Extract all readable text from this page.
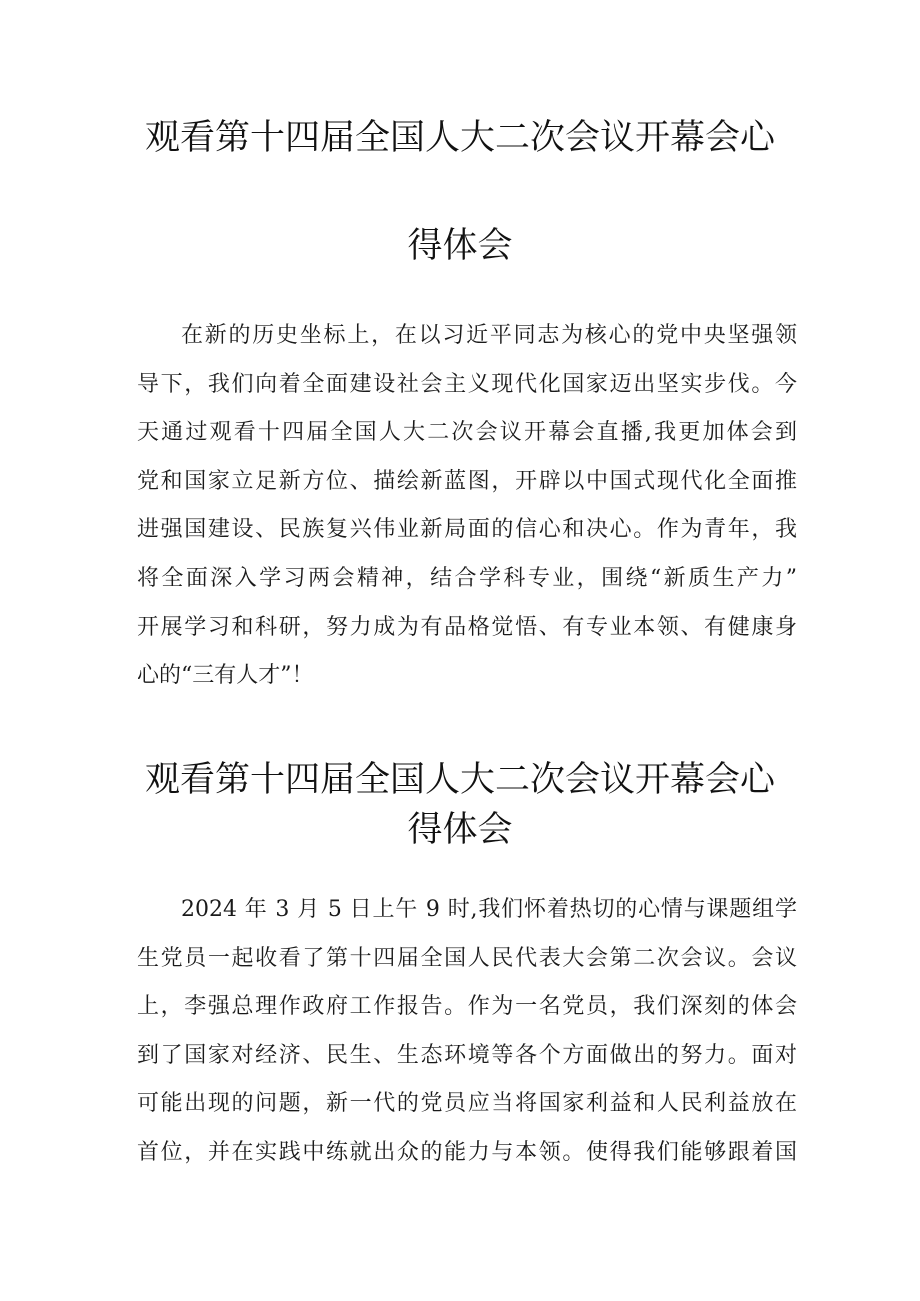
观看第十四届全国人大二次会议开幕会心
得体会
在新的历史坐标上，在以习近平同志为核心的党中央坚强领
导下，我们向着全面建设社会主义现代化国家迈出坚实步伐。今
天通过观看十四届全国人大二次会议开幕会直播,我更加体会到
党和国家立足新方位、描绘新蓝图，开辟以中国式现代化全面推
进强国建设、民族复兴伟业新局面的信心和决心。作为青年，我
将全面深入学习两会精神，结合学科专业，围绕“新质生产力”
开展学习和科研，努力成为有品格觉悟、有专业本领、有健康身
心的“三有人才”！
观看第十四届全国人大二次会议开幕会心
得体会
2024 年 3 月 5 日上午 9 时,我们怀着热切的心情与课题组学
生党员一起收看了第十四届全国人民代表大会第二次会议。会议
上，李强总理作政府工作报告。作为一名党员，我们深刻的体会
到了国家对经济、民生、生态环境等各个方面做出的努力。面对
可能出现的问题，新一代的党员应当将国家利益和人民利益放在
首位，并在实践中练就出众的能力与本领。使得我们能够跟着国
